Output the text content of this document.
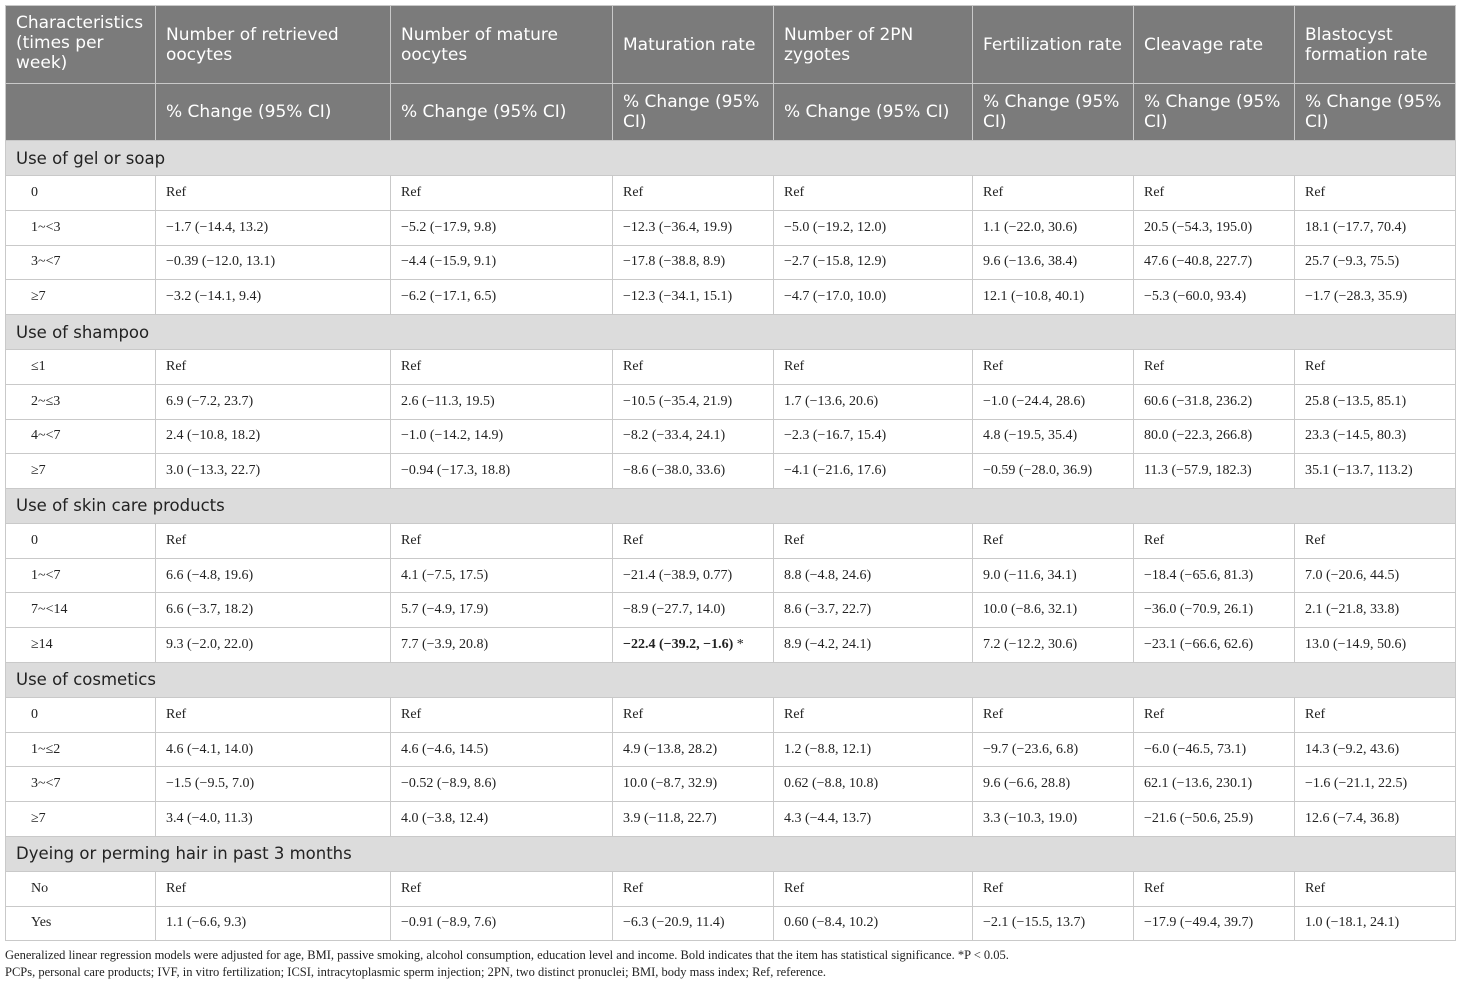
Characteristics (times per week)	Number of retrieved oocytes	Number of mature oocytes	Maturation rate	Number of 2PN zygotes	Fertilization rate	Cleavage rate	Blastocyst formation rate
	% Change (95% CI)	% Change (95% CI)	% Change (95% CI)	% Change (95% CI)	% Change (95% CI)	% Change (95% CI)	% Change (95% CI)
Use of gel or soap							
0	Ref	Ref	Ref	Ref	Ref	Ref	Ref
1~<3	−1.7 (−14.4, 13.2)	−5.2 (−17.9, 9.8)	−12.3 (−36.4, 19.9)	−5.0 (−19.2, 12.0)	1.1 (−22.0, 30.6)	20.5 (−54.3, 195.0)	18.1 (−17.7, 70.4)
3~<7	−0.39 (−12.0, 13.1)	−4.4 (−15.9, 9.1)	−17.8 (−38.8, 8.9)	−2.7 (−15.8, 12.9)	9.6 (−13.6, 38.4)	47.6 (−40.8, 227.7)	25.7 (−9.3, 75.5)
≥7	−3.2 (−14.1, 9.4)	−6.2 (−17.1, 6.5)	−12.3 (−34.1, 15.1)	−4.7 (−17.0, 10.0)	12.1 (−10.8, 40.1)	−5.3 (−60.0, 93.4)	−1.7 (−28.3, 35.9)
Use of shampoo							
≤1	Ref	Ref	Ref	Ref	Ref	Ref	Ref
2~≤3	6.9 (−7.2, 23.7)	2.6 (−11.3, 19.5)	−10.5 (−35.4, 21.9)	1.7 (−13.6, 20.6)	−1.0 (−24.4, 28.6)	60.6 (−31.8, 236.2)	25.8 (−13.5, 85.1)
4~<7	2.4 (−10.8, 18.2)	−1.0 (−14.2, 14.9)	−8.2 (−33.4, 24.1)	−2.3 (−16.7, 15.4)	4.8 (−19.5, 35.4)	80.0 (−22.3, 266.8)	23.3 (−14.5, 80.3)
≥7	3.0 (−13.3, 22.7)	−0.94 (−17.3, 18.8)	−8.6 (−38.0, 33.6)	−4.1 (−21.6, 17.6)	−0.59 (−28.0, 36.9)	11.3 (−57.9, 182.3)	35.1 (−13.7, 113.2)
Use of skin care products							
0	Ref	Ref	Ref	Ref	Ref	Ref	Ref
1~<7	6.6 (−4.8, 19.6)	4.1 (−7.5, 17.5)	−21.4 (−38.9, 0.77)	8.8 (−4.8, 24.6)	9.0 (−11.6, 34.1)	−18.4 (−65.6, 81.3)	7.0 (−20.6, 44.5)
7~<14	6.6 (−3.7, 18.2)	5.7 (−4.9, 17.9)	−8.9 (−27.7, 14.0)	8.6 (−3.7, 22.7)	10.0 (−8.6, 32.1)	−36.0 (−70.9, 26.1)	2.1 (−21.8, 33.8)
≥14	9.3 (−2.0, 22.0)	7.7 (−3.9, 20.8)	−22.4 (−39.2, −1.6) *	8.9 (−4.2, 24.1)	7.2 (−12.2, 30.6)	−23.1 (−66.6, 62.6)	13.0 (−14.9, 50.6)
Use of cosmetics							
0	Ref	Ref	Ref	Ref	Ref	Ref	Ref
1~≤2	4.6 (−4.1, 14.0)	4.6 (−4.6, 14.5)	4.9 (−13.8, 28.2)	1.2 (−8.8, 12.1)	−9.7 (−23.6, 6.8)	−6.0 (−46.5, 73.1)	14.3 (−9.2, 43.6)
3~<7	−1.5 (−9.5, 7.0)	−0.52 (−8.9, 8.6)	10.0 (−8.7, 32.9)	0.62 (−8.8, 10.8)	9.6 (−6.6, 28.8)	62.1 (−13.6, 230.1)	−1.6 (−21.1, 22.5)
≥7	3.4 (−4.0, 11.3)	4.0 (−3.8, 12.4)	3.9 (−11.8, 22.7)	4.3 (−4.4, 13.7)	3.3 (−10.3, 19.0)	−21.6 (−50.6, 25.9)	12.6 (−7.4, 36.8)
Dyeing or perming hair in past 3 months							
No	Ref	Ref	Ref	Ref	Ref	Ref	Ref
Yes	1.1 (−6.6, 9.3)	−0.91 (−8.9, 7.6)	−6.3 (−20.9, 11.4)	0.60 (−8.4, 10.2)	−2.1 (−15.5, 13.7)	−17.9 (−49.4, 39.7)	1.0 (−18.1, 24.1)
Generalized linear regression models were adjusted for age, BMI, passive smoking, alcohol consumption, education level and income. Bold indicates that the item has statistical significance. *P < 0.05.
PCPs, personal care products; IVF, in vitro fertilization; ICSI, intracytoplasmic sperm injection; 2PN, two distinct pronuclei; BMI, body mass index; Ref, reference.
